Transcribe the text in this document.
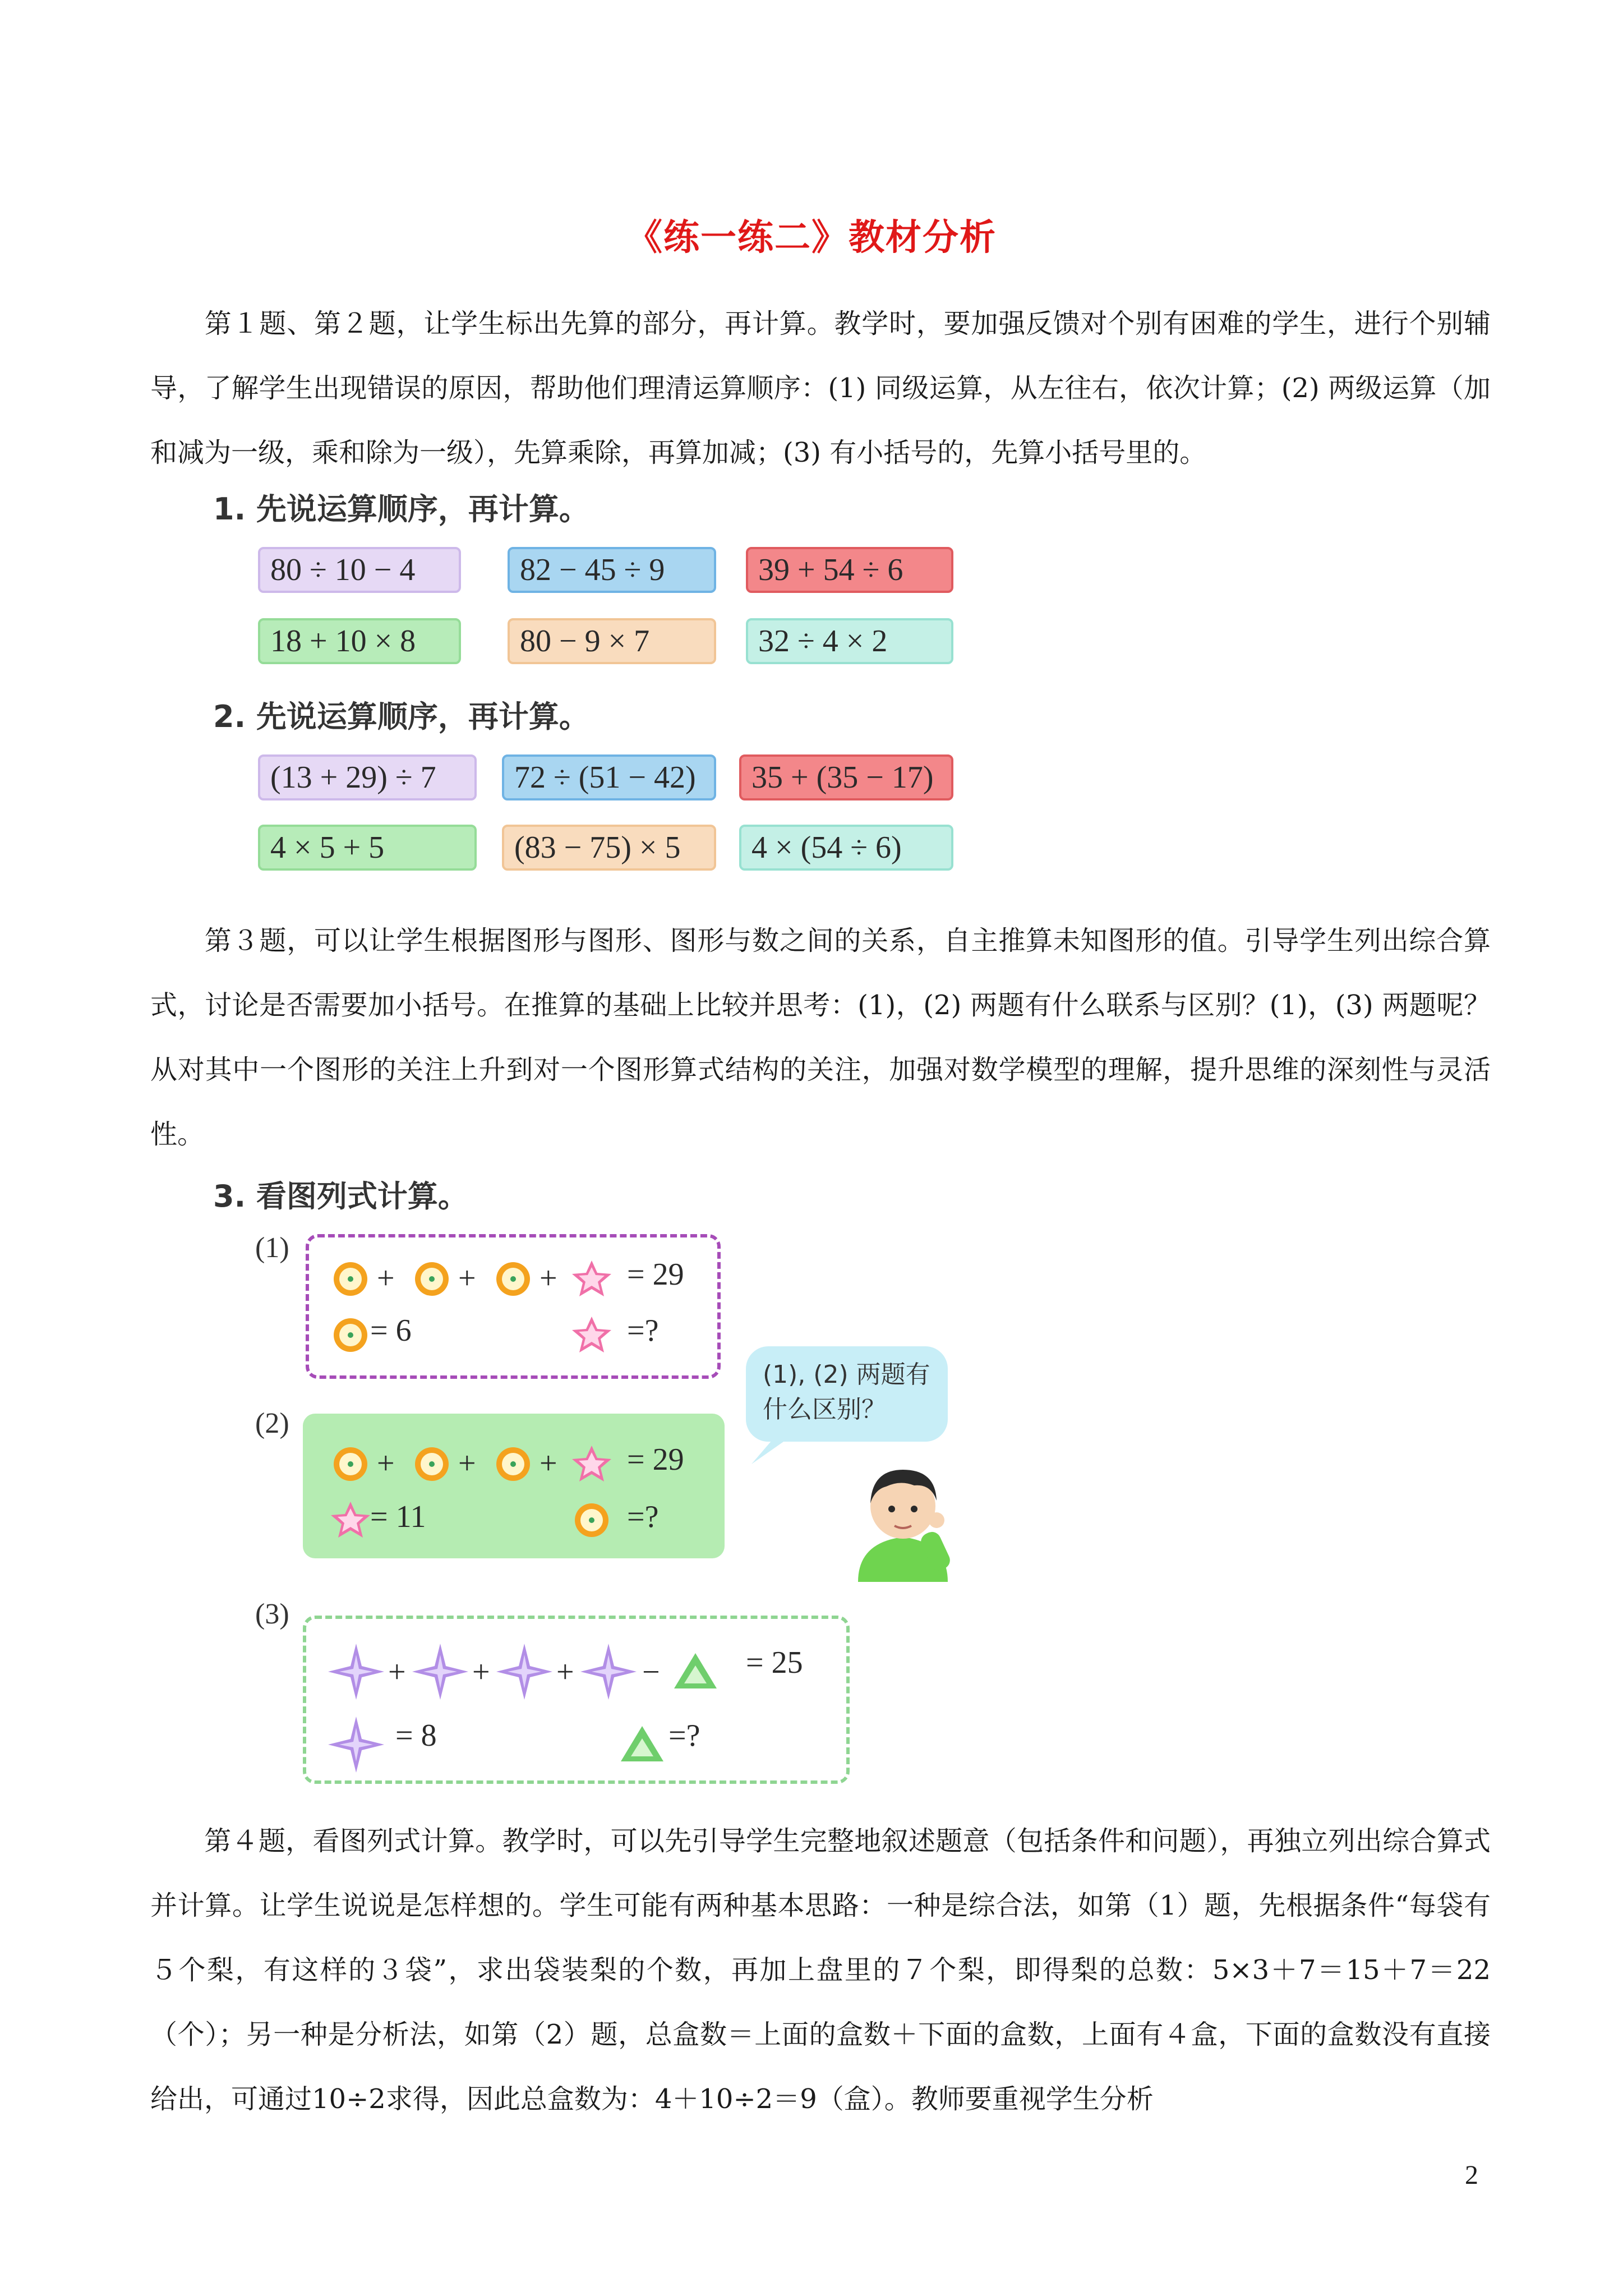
《练一练二》教材分析

第１题、第２题，让学生标出先算的部分，再计算。教学时，要加强反馈对个别有困难的学生，进行个别辅导，了解学生出现错误的原因，帮助他们理清运算顺序：(1) 同级运算，从左往右，依次计算；(2) 两级运算（加和减为一级，乘和除为一级），先算乘除，再算加减；(3) 有小括号的，先算小括号里的。

1. 先说运算顺序，再计算。
80 ÷ 10 − 4	82 − 45 ÷ 9	39 + 54 ÷ 6
18 + 10 × 8	80 − 9 × 7	32 ÷ 4 × 2
2. 先说运算顺序，再计算。
(13 + 29) ÷ 7	72 ÷ (51 − 42)	35 + (35 − 17)
4 × 5 + 5	(83 − 75) × 5	4 × (54 ÷ 6)

第３题，可以让学生根据图形与图形、图形与数之间的关系，自主推算未知图形的值。引导学生列出综合算式，讨论是否需要加小括号。在推算的基础上比较并思考：(1)，(2) 两题有什么联系与区别？(1)，(3) 两题呢？从对其中一个图形的关注上升到对一个图形算式结构的关注，加强对数学模型的理解，提升思维的深刻性与灵活性。

3. 看图列式计算。
(1)
+ + + = 29
= 6	=?
(1), (2) 两题有什么区别？
(2)
+ + + = 29
= 11	=?
(3)
+ + + −	= 25
= 8	=?

第４题，看图列式计算。教学时，可以先引导学生完整地叙述题意（包括条件和问题），再独立列出综合算式并计算。让学生说说是怎样想的。学生可能有两种基本思路：一种是综合法，如第（1）题，先根据条件“每袋有５个梨，有这样的３袋”，求出袋装梨的个数，再加上盘里的７个梨，即得梨的总数：5×3＋7＝15＋7＝22（个）；另一种是分析法，如第（2）题，总盒数＝上面的盒数＋下面的盒数，上面有４盒，下面的盒数没有直接给出，可通过10÷2求得，因此总盒数为：4＋10÷2＝9（盒）。教师要重视学生分析

2
